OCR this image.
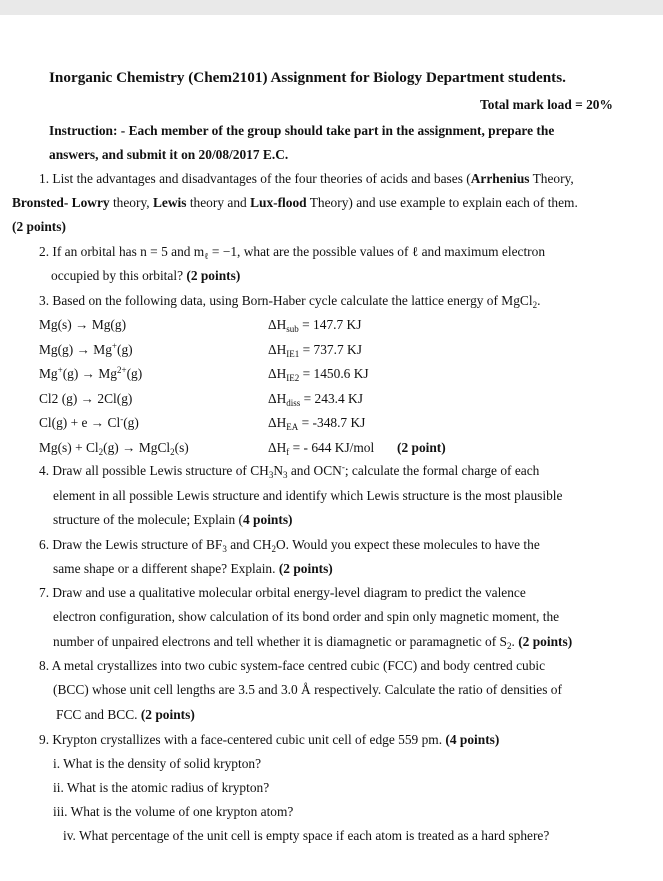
Inorganic Chemistry (Chem2101) Assignment for Biology Department students.
Total mark load = 20%
Instruction: - Each member of the group should take part in the assignment, prepare the
answers, and submit it on 20/08/2017 E.C.
1. List the advantages and disadvantages of the four theories of acids and bases (Arrhenius Theory,
Bronsted- Lowry theory, Lewis theory and Lux-flood Theory) and use example to explain each of them.
(2 points)
2. If an orbital has n = 5 and $m_\ell = -1$, what are the possible values of ℓ and maximum electron
occupied by this orbital? (2 points)
3. Based on the following data, using Born-Haber cycle calculate the lattice energy of MgCl$_2$.
Mg(s) → Mg(g)	$\Delta H_{sub} = 147.7$ KJ
Mg(g) → Mg+(g)	$\Delta H_{IE1} = 737.7$ KJ
$Mg^+(g) \to Mg^{2+}(g)$	$\Delta H_{IE2} = 1450.6$ KJ
Cl2 (g) → 2Cl(g)	$\Delta H_{diss} = 243.4$ KJ
Cl(g) + e → Cl-(g)	$\Delta H_{EA} = -348.7$ KJ
$Mg(s) + Cl_2(g)$ → MgCl$_2$(s)	$\Delta H_f$ = - 644 KJ/mol (2 point)
4. Draw all possible Lewis structure of $CH_3N_3$ and OCN-; calculate the formal charge of each
element in all possible Lewis structure and identify which Lewis structure is the most plausible
structure of the molecule; Explain (4 points)
6. Draw the Lewis structure of $BF_3$ and $CH_2O$. Would you expect these molecules to have the
same shape or a different shape? Explain. (2 points)
7. Draw and use a qualitative molecular orbital energy-level diagram to predict the valence
electron configuration, show calculation of its bond order and spin only magnetic moment, the
number of unpaired electrons and tell whether it is diamagnetic or paramagnetic of $S_2$. (2 points)
8. A metal crystallizes into two cubic system-face centred cubic (FCC) and body centred cubic
(BCC) whose unit cell lengths are 3.5 and 3.0 Å respectively. Calculate the ratio of densities of
FCC and BCC. (2 points)
9. Krypton crystallizes with a face-centered cubic unit cell of edge 559 pm. (4 points)
i. What is the density of solid krypton?
ii. What is the atomic radius of krypton?
iii. What is the volume of one krypton atom?
iv. What percentage of the unit cell is empty space if each atom is treated as a hard sphere?
